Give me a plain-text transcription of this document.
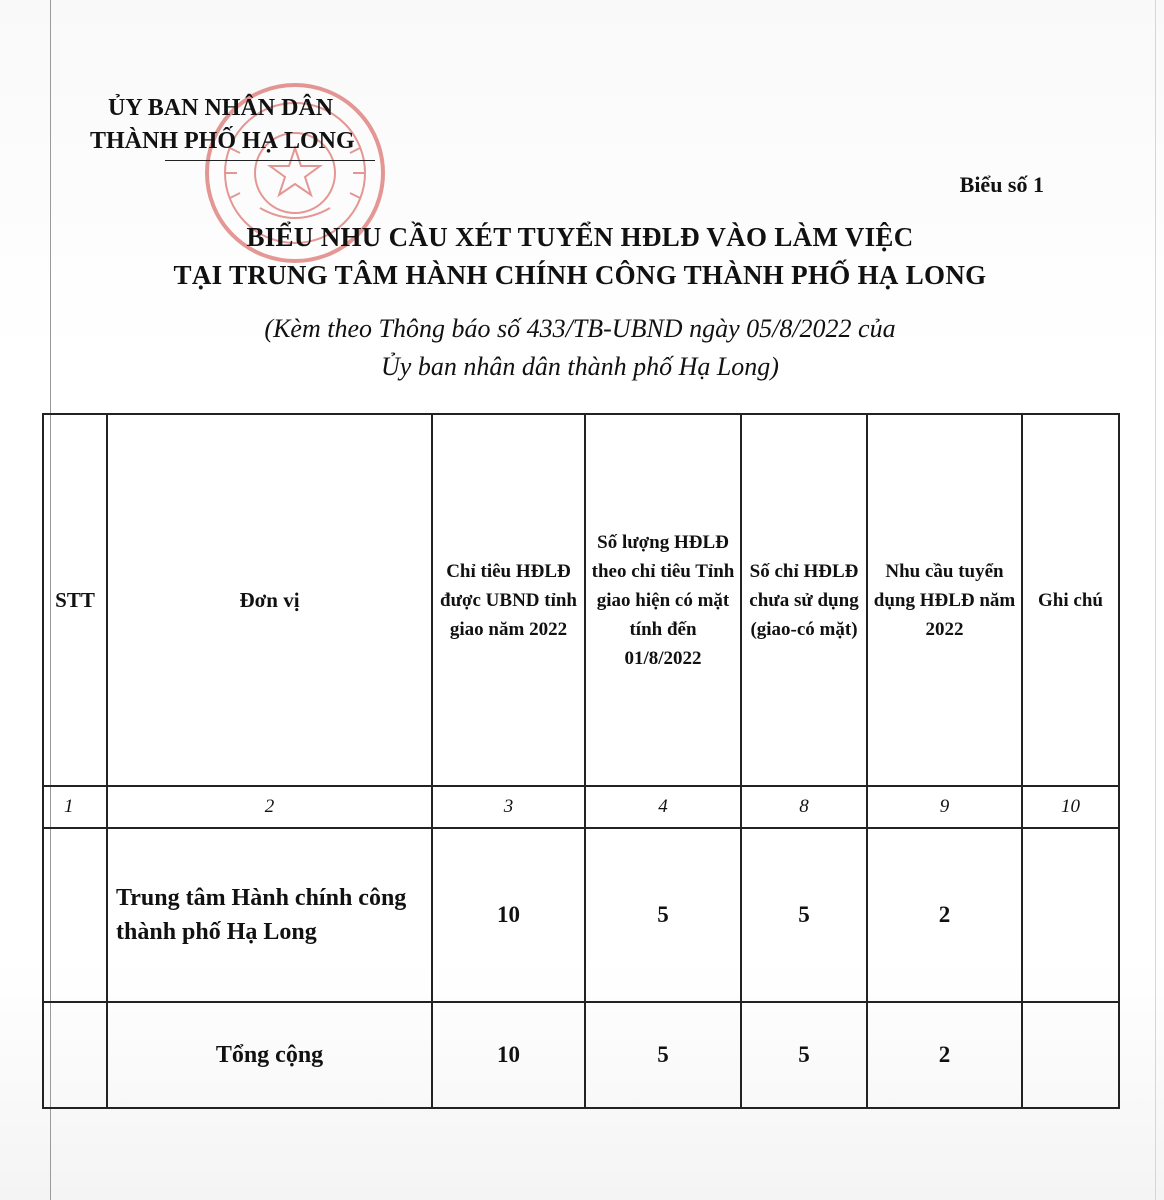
ỦY BAN NHÂN DÂN
THÀNH PHỐ HẠ LONG
Biểu số 1
BIỂU NHU CẦU XÉT TUYỂN HĐLĐ VÀO LÀM VIỆC
TẠI TRUNG TÂM HÀNH CHÍNH CÔNG THÀNH PHỐ HẠ LONG
(Kèm theo Thông báo số 433/TB-UBND ngày 05/8/2022 của
Ủy ban nhân dân thành phố Hạ Long)
STT	Đơn vị	Chỉ tiêu HĐLĐ được UBND tỉnh giao năm 2022	Số lượng HĐLĐ theo chỉ tiêu Tỉnh giao hiện có mặt tính đến 01/8/2022	Số chỉ HĐLĐ chưa sử dụng (giao-có mặt)	Nhu cầu tuyển dụng HĐLĐ năm 2022	Ghi chú
1	2	3	4	8	9	10
	Trung tâm Hành chính công thành phố Hạ Long	10	5	5	2	
	Tổng cộng	10	5	5	2	
